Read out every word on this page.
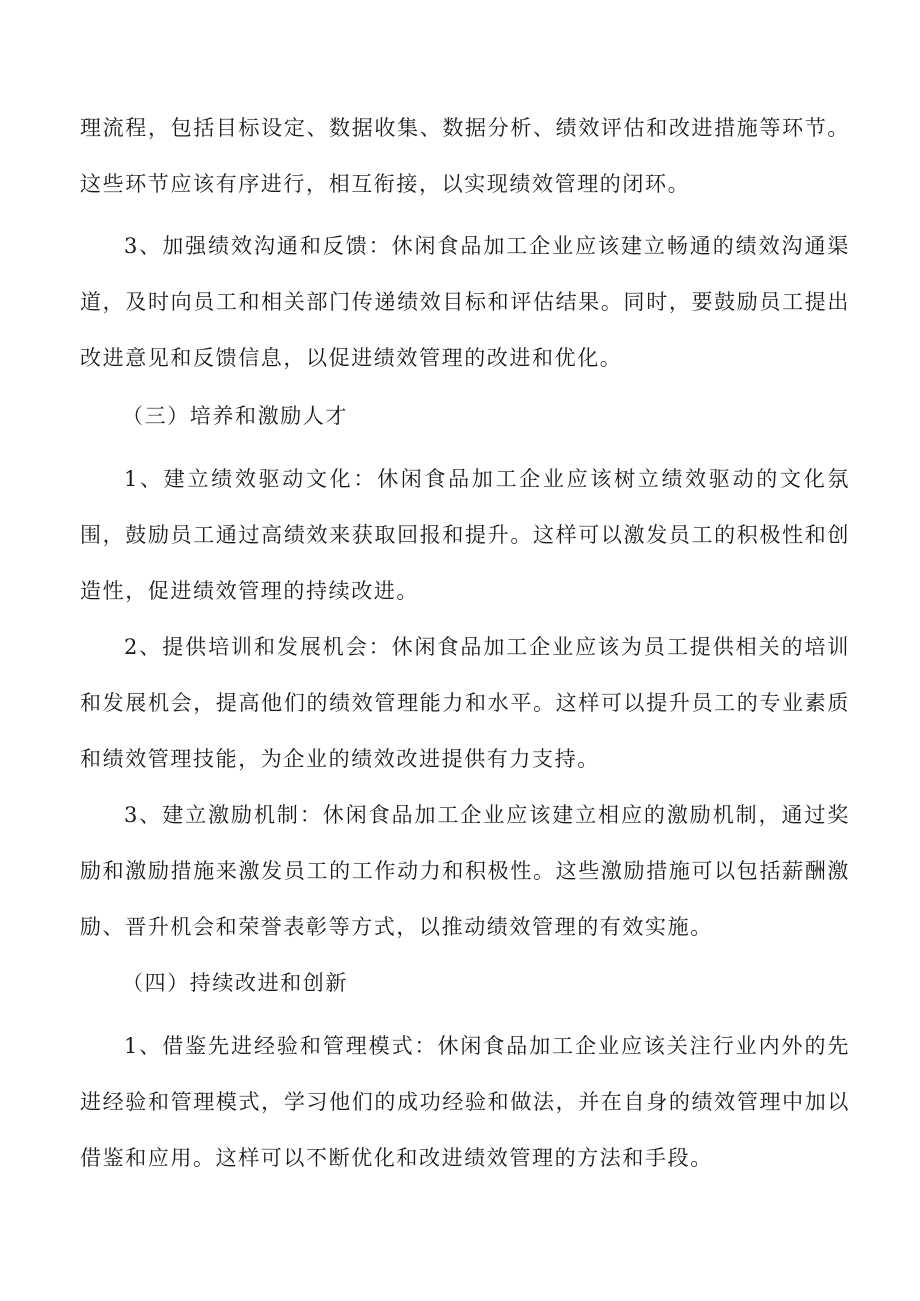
理流程，包括目标设定、数据收集、数据分析、绩效评估和改进措施等环节。这些环节应该有序进行，相互衔接，以实现绩效管理的闭环。

3、加强绩效沟通和反馈：休闲食品加工企业应该建立畅通的绩效沟通渠道，及时向员工和相关部门传递绩效目标和评估结果。同时，要鼓励员工提出改进意见和反馈信息，以促进绩效管理的改进和优化。

（三）培养和激励人才

1、建立绩效驱动文化：休闲食品加工企业应该树立绩效驱动的文化氛围，鼓励员工通过高绩效来获取回报和提升。这样可以激发员工的积极性和创造性，促进绩效管理的持续改进。

2、提供培训和发展机会：休闲食品加工企业应该为员工提供相关的培训和发展机会，提高他们的绩效管理能力和水平。这样可以提升员工的专业素质和绩效管理技能，为企业的绩效改进提供有力支持。

3、建立激励机制：休闲食品加工企业应该建立相应的激励机制，通过奖励和激励措施来激发员工的工作动力和积极性。这些激励措施可以包括薪酬激励、晋升机会和荣誉表彰等方式，以推动绩效管理的有效实施。

（四）持续改进和创新

1、借鉴先进经验和管理模式：休闲食品加工企业应该关注行业内外的先进经验和管理模式，学习他们的成功经验和做法，并在自身的绩效管理中加以借鉴和应用。这样可以不断优化和改进绩效管理的方法和手段。
